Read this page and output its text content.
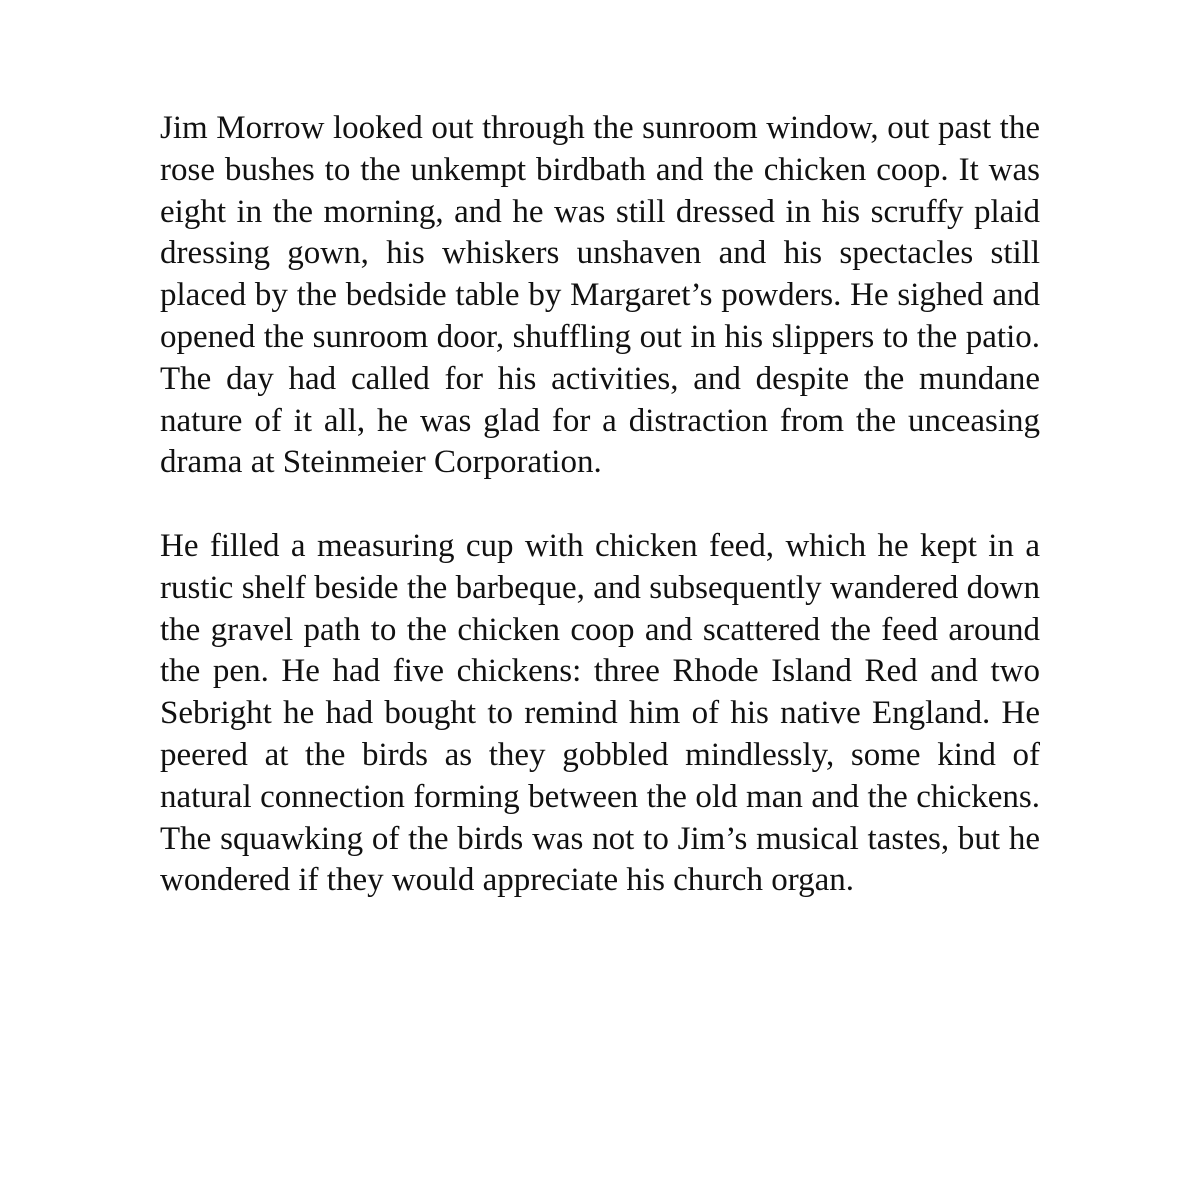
Jim Morrow looked out through the sunroom window, out past the rose bushes to the unkempt birdbath and the chicken coop. It was eight in the morning, and he was still dressed in his scruffy plaid dressing gown, his whiskers unshaven and his spectacles still placed by the bedside table by Margaret’s powders. He sighed and opened the sunroom door, shuffling out in his slippers to the patio. The day had called for his activities, and despite the mundane nature of it all, he was glad for a distraction from the unceasing drama at Steinmeier Corporation.

He filled a measuring cup with chicken feed, which he kept in a rustic shelf beside the barbeque, and subsequently wandered down the gravel path to the chicken coop and scattered the feed around the pen. He had five chickens: three Rhode Island Red and two Sebright he had bought to remind him of his native England. He peered at the birds as they gobbled mindlessly, some kind of natural connection forming between the old man and the chickens. The squawking of the birds was not to Jim’s musical tastes, but he wondered if they would appreciate his church organ.
